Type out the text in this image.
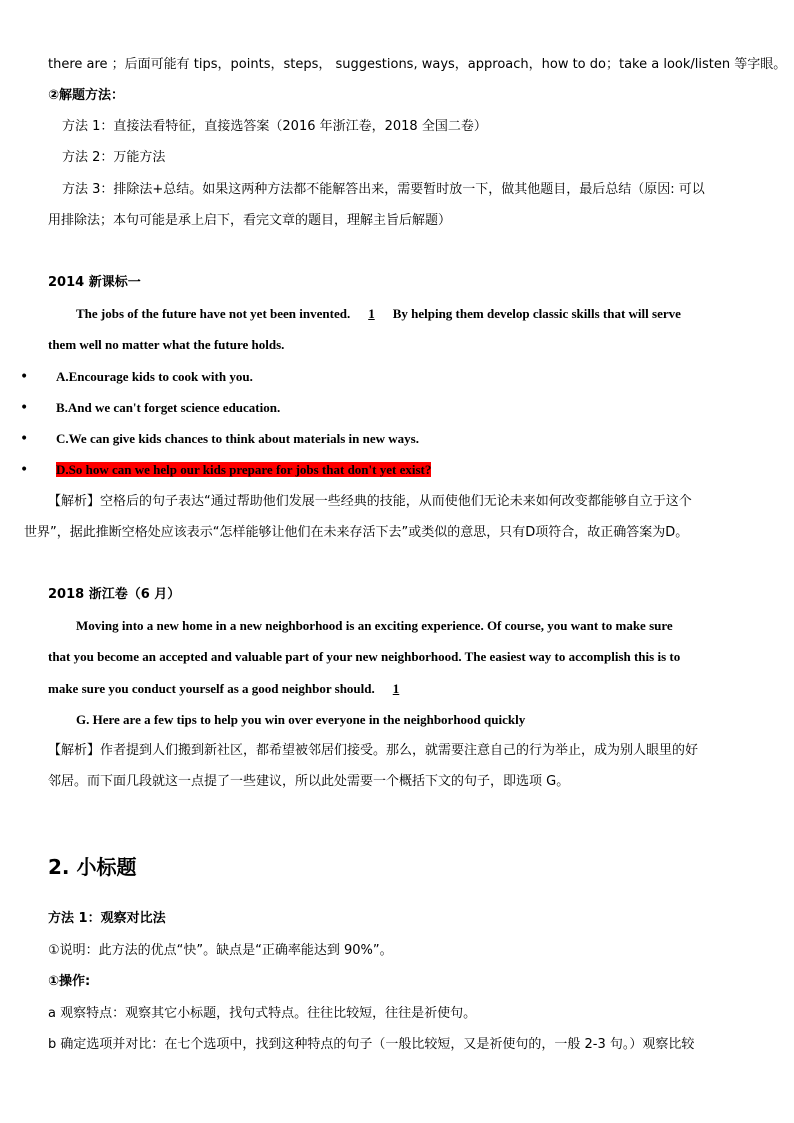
there are ；后面可能有 tips，points，steps， suggestions, ways，approach，how to do；take a look/listen 等字眼。
②解题方法：
方法 1：直接法看特征，直接选答案（2016 年浙江卷，2018 全国二卷）
方法 2：万能方法
方法 3：排除法+总结。如果这两种方法都不能解答出来，需要暂时放一下，做其他题目，最后总结（原因: 可以
用排除法；本句可能是承上启下，看完文章的题目，理解主旨后解题）
2014 新课标一
The jobs of the future have not yet been invented. 1 By helping them develop classic skills that will serve
them well no matter what the future holds.
• A.Encourage kids to cook with you.
• B.And we can't forget science education.
• C.We can give kids chances to think about materials in new ways.
• D.So how can we help our kids prepare for jobs that don't yet exist?
【解析】空格后的句子表达“通过帮助他们发展一些经典的技能，从而使他们无论未来如何改变都能够自立于这个
世界”，据此推断空格处应该表示“怎样能够让他们在未来存活下去”或类似的意思，只有D项符合，故正确答案为D。
2018 浙江卷（6 月）
Moving into a new home in a new neighborhood is an exciting experience. Of course, you want to make sure
that you become an accepted and valuable part of your new neighborhood. The easiest way to accomplish this is to
make sure you conduct yourself as a good neighbor should. 1
G. Here are a few tips to help you win over everyone in the neighborhood quickly
【解析】作者提到人们搬到新社区，都希望被邻居们接受。那么，就需要注意自己的行为举止，成为别人眼里的好
邻居。而下面几段就这一点提了一些建议，所以此处需要一个概括下文的句子，即选项 G。
2. 小标题
方法 1：观察对比法
①说明：此方法的优点“快”。缺点是“正确率能达到 90%”。
①操作:
a 观察特点：观察其它小标题，找句式特点。往往比较短，往往是祈使句。
b 确定选项并对比：在七个选项中，找到这种特点的句子（一般比较短，又是祈使句的，一般 2-3 句。）观察比较
